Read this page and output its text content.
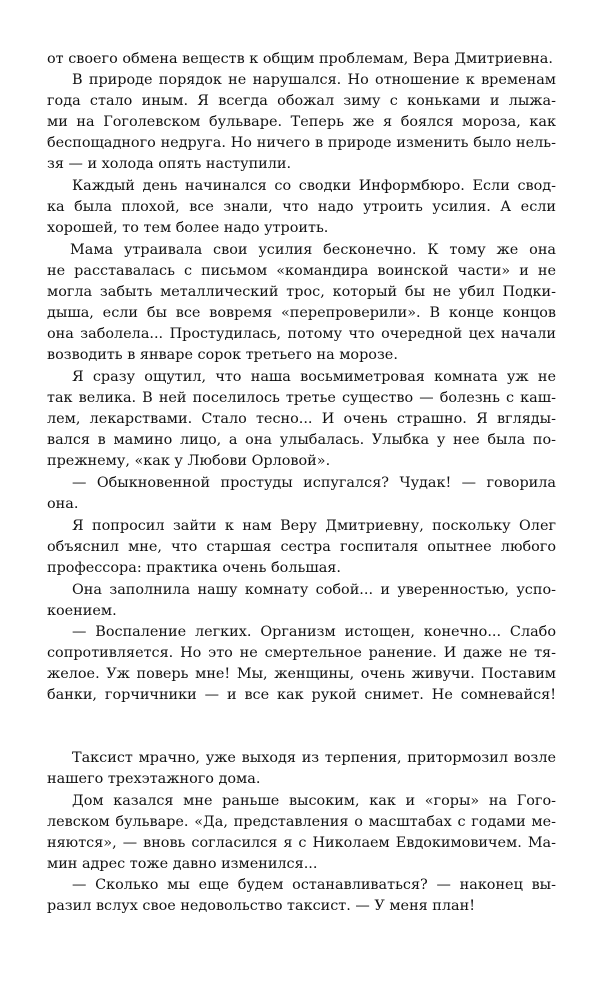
от своего обмена веществ к общим проблемам, Вера Дмитриевна.
В природе порядок не нарушался. Но отношение к временам
года стало иным. Я всегда обожал зиму с коньками и лыжа-
ми на Гоголевском бульваре. Теперь же я боялся мороза, как
беспощадного недруга. Но ничего в природе изменить было нель-
зя — и холода опять наступили.
Каждый день начинался со сводки Информбюро. Если свод-
ка была плохой, все знали, что надо утроить усилия. А если
хорошей, то тем более надо утроить.
Мама утраивала свои усилия бесконечно. К тому же она
не расставалась с письмом «командира воинской части» и не
могла забыть металлический трос, который бы не убил Подки-
дыша, если бы все вовремя «перепроверили». В конце концов
она заболела... Простудилась, потому что очередной цех начали
возводить в январе сорок третьего на морозе.
Я сразу ощутил, что наша восьмиметровая комната уж не
так велика. В ней поселилось третье существо — болезнь с каш-
лем, лекарствами. Стало тесно... И очень страшно. Я вгляды-
вался в мамино лицо, а она улыбалась. Улыбка у нее была по-
прежнему, «как у Любови Орловой».
— Обыкновенной простуды испугался? Чудак! — говорила
она.
Я попросил зайти к нам Веру Дмитриевну, поскольку Олег
объяснил мне, что старшая сестра госпиталя опытнее любого
профессора: практика очень большая.
Она заполнила нашу комнату собой... и уверенностью, успо-
коением.
— Воспаление легких. Организм истощен, конечно... Слабо
сопротивляется. Но это не смертельное ранение. И даже не тя-
желое. Уж поверь мне! Мы, женщины, очень живучи. Поставим
банки, горчичники — и все как рукой снимет. Не сомневайся!
Таксист мрачно, уже выходя из терпения, притормозил возле
нашего трехэтажного дома.
Дом казался мне раньше высоким, как и «горы» на Гого-
левском бульваре. «Да, представления о масштабах с годами ме-
няются», — вновь согласился я с Николаем Евдокимовичем. Ма-
мин адрес тоже давно изменился...
— Сколько мы еще будем останавливаться? — наконец вы-
разил вслух свое недовольство таксист. — У меня план!
